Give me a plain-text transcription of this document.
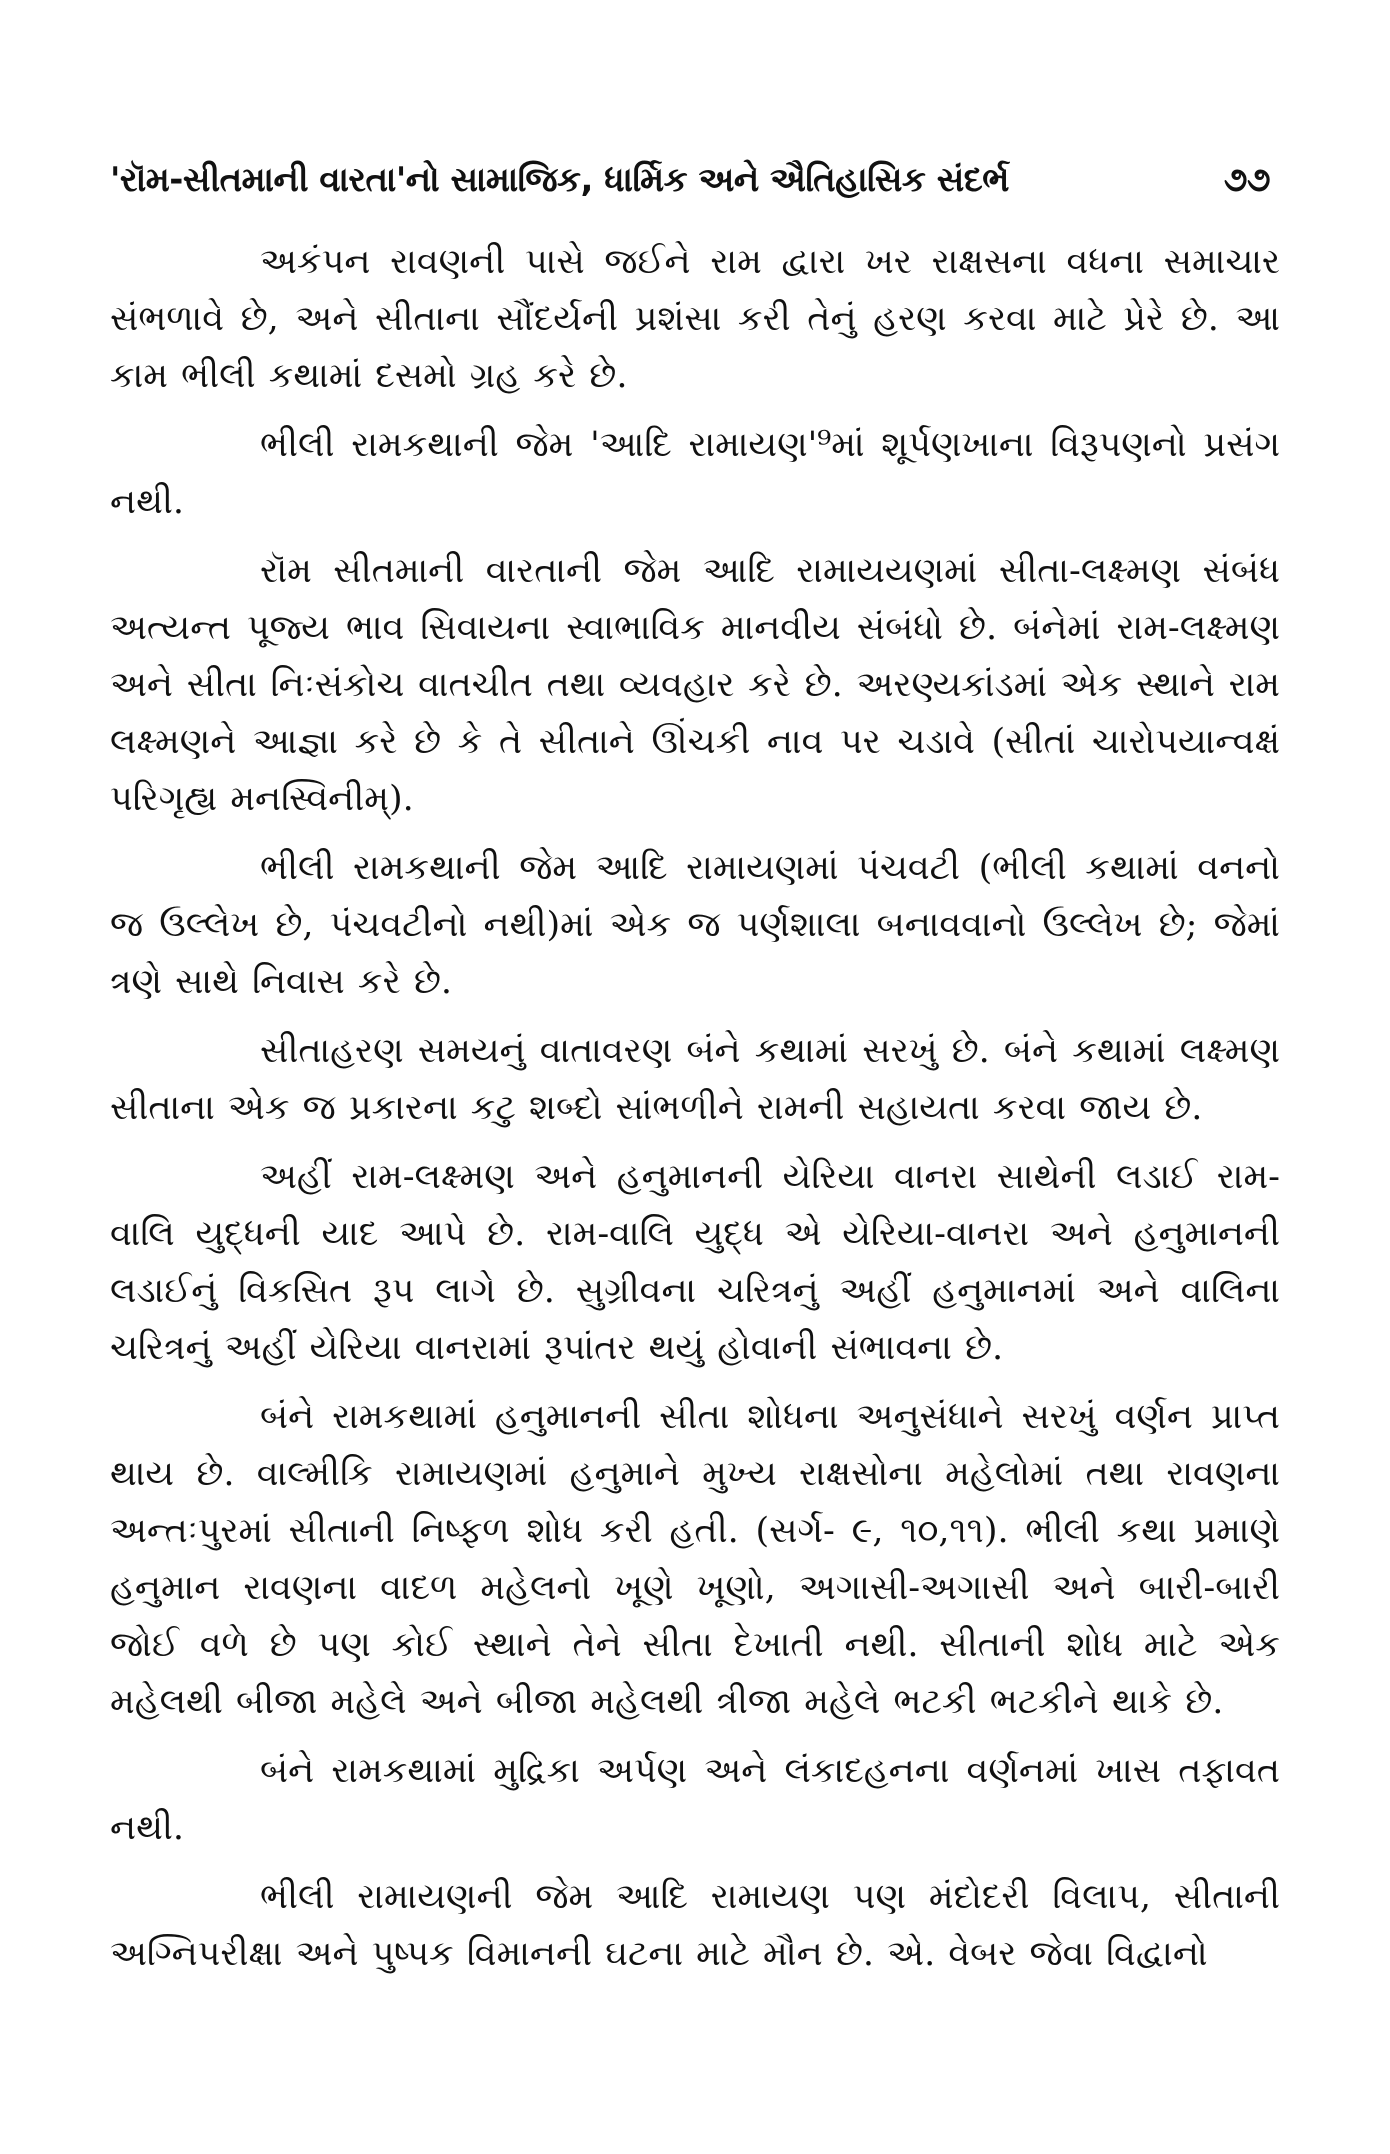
'રૉમ-સીતમાની વારતા'નો સામાજિક, ધાર્મિક અને ઐતિહાસિક સંદર્ભ	૭૭

અકંપન રાવણની પાસે જઈને રામ દ્વારા ખર રાક્ષસના વધના સમાચાર સંભળાવે છે, અને સીતાના સૌંદર્યની પ્રશંસા કરી તેનું હરણ કરવા માટે પ્રેરે છે. આ કામ ભીલી કથામાં દસમો ગ્રહ કરે છે.

ભીલી રામકથાની જેમ 'આદિ રામાયણ'⁹માં શૂર્પણખાના વિરૂપણનો પ્રસંગ નથી.

રૉમ સીતમાની વારતાની જેમ આદિ રામાયયણમાં સીતા-લક્ષ્મણ સંબંધ અત્યન્ત પૂજ્ય ભાવ સિવાયના સ્વાભાવિક માનવીય સંબંધો છે. બંનેમાં રામ-લક્ષ્મણ અને સીતા નિઃસંકોચ વાતચીત તથા વ્યવહાર કરે છે. અરણ્યકાંડમાં એક સ્થાને રામ લક્ષ્મણને આજ્ઞા કરે છે કે તે સીતાને ઊંચકી નાવ પર ચડાવે (સીતાં ચારોપયાન્વક્ષં પરિગૃહ્ય મનસ્વિનીમ્).

ભીલી રામકથાની જેમ આદિ રામાયણમાં પંચવટી (ભીલી કથામાં વનનો જ ઉલ્લેખ છે, પંચવટીનો નથી)માં એક જ પર્ણશાલા બનાવવાનો ઉલ્લેખ છે; જેમાં ત્રણે સાથે નિવાસ કરે છે.

સીતાહરણ સમયનું વાતાવરણ બંને કથામાં સરખું છે. બંને કથામાં લક્ષ્મણ સીતાના એક જ પ્રકારના કટુ શબ્દો સાંભળીને રામની સહાયતા કરવા જાય છે.

અહીં રામ-લક્ષ્મણ અને હનુમાનની યેરિયા વાનરા સાથેની લડાઈ રામ-વાલિ યુદ્ધની યાદ આપે છે. રામ-વાલિ યુદ્ધ એ યેરિયા-વાનરા અને હનુમાનની લડાઈનું વિકસિત રૂપ લાગે છે. સુગ્રીવના ચરિત્રનું અહીં હનુમાનમાં અને વાલિના ચરિત્રનું અહીં યેરિયા વાનરામાં રૂપાંતર થયું હોવાની સંભાવના છે.

બંને રામકથામાં હનુમાનની સીતા શોધના અનુસંધાને સરખું વર્ણન પ્રાપ્ત થાય છે. વાલ્મીકિ રામાયણમાં હનુમાને મુખ્ય રાક્ષસોના મહેલોમાં તથા રાવણના અન્તઃપુરમાં સીતાની નિષ્ફળ શોધ કરી હતી. (સર્ગ- ૯, ૧૦,૧૧). ભીલી કથા પ્રમાણે હનુમાન રાવણના વાદળ મહેલનો ખૂણે ખૂણો, અગાસી-અગાસી અને બારી-બારી જોઈ વળે છે પણ કોઈ સ્થાને તેને સીતા દેખાતી નથી. સીતાની શોધ માટે એક મહેલથી બીજા મહેલે અને બીજા મહેલથી ત્રીજા મહેલે ભટકી ભટકીને થાકે છે.

બંને રામકથામાં મુદ્રિકા અર્પણ અને લંકાદહનના વર્ણનમાં ખાસ તફાવત નથી.

ભીલી રામાયણની જેમ આદિ રામાયણ પણ મંદોદરી વિલાપ, સીતાની અગ્નિપરીક્ષા અને પુષ્પક વિમાનની ઘટના માટે મૌન છે. એ. વેબર જેવા વિદ્વાનો
